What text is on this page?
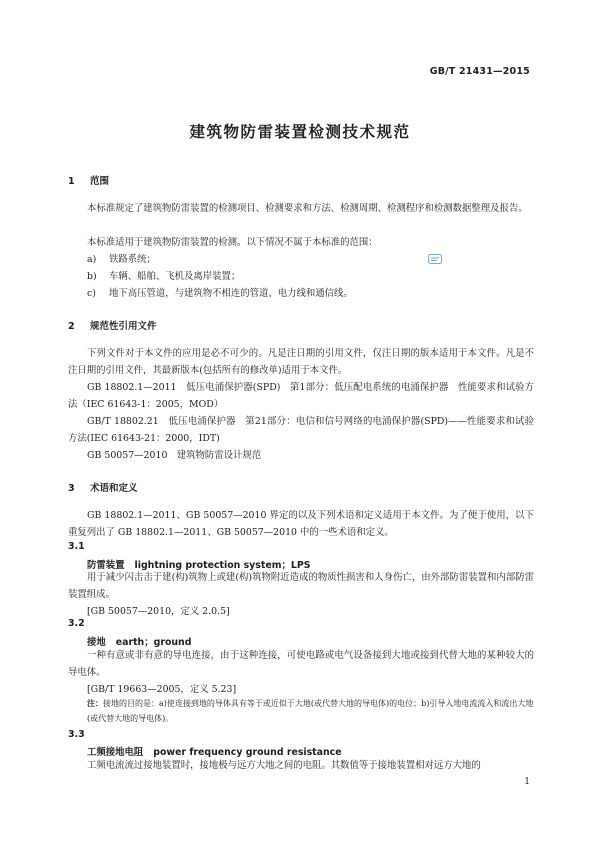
GB/T 21431—2015
建筑物防雷装置检测技术规范
1 范围
本标准规定了建筑物防雷装置的检测项目、检测要求和方法、检测周期、检测程序和检测数据整理及报告。
本标准适用于建筑物防雷装置的检测。以下情况不属于本标准的范围：
a) 铁路系统；
b) 车辆、船舶、飞机及离岸装置；
c) 地下高压管道，与建筑物不相连的管道、电力线和通信线。
2 规范性引用文件
下列文件对于本文件的应用是必不可少的。凡是注日期的引用文件，仅注日期的版本适用于本文件。凡是不注日期的引用文件，其最新版本(包括所有的修改单)适用于本文件。
GB 18802.1—2011　低压电涌保护器(SPD)　第1部分：低压配电系统的电涌保护器　性能要求和试验方法（IEC 61643-1：2005，MOD）
GB/T 18802.21　低压电涌保护器　第21部分：电信和信号网络的电涌保护器(SPD)——性能要求和试验方法(IEC 61643-21：2000，IDT)
GB 50057—2010　建筑物防雷设计规范
3 术语和定义
GB 18802.1—2011、GB 50057—2010 界定的以及下列术语和定义适用于本文件。为了便于使用，以下重复列出了 GB 18802.1—2011、GB 50057—2010 中的一些术语和定义。
3.1
防雷装置 lightning protection system；LPS
用于减少闪击击于建(构)筑物上或建(构)筑物附近造成的物质性损害和人身伤亡，由外部防雷装置和内部防雷装置组成。
[GB 50057—2010，定义 2.0.5]
3.2
接地 earth；ground
一种有意或非有意的导电连接，由于这种连接，可使电路或电气设备接到大地或接到代替大地的某种较大的导电体。
[GB/T 19663—2005，定义 5.23]
注：接地的目的是：a)使连接到地的导体具有等于或近似于大地(或代替大地的导电体)的电位；b)引导入地电流流入和流出大地(或代替大地的导电体)。
3.3
工频接地电阻 power frequency ground resistance
工频电流流过接地装置时，接地极与远方大地之间的电阻。其数值等于接地装置相对远方大地的
1
